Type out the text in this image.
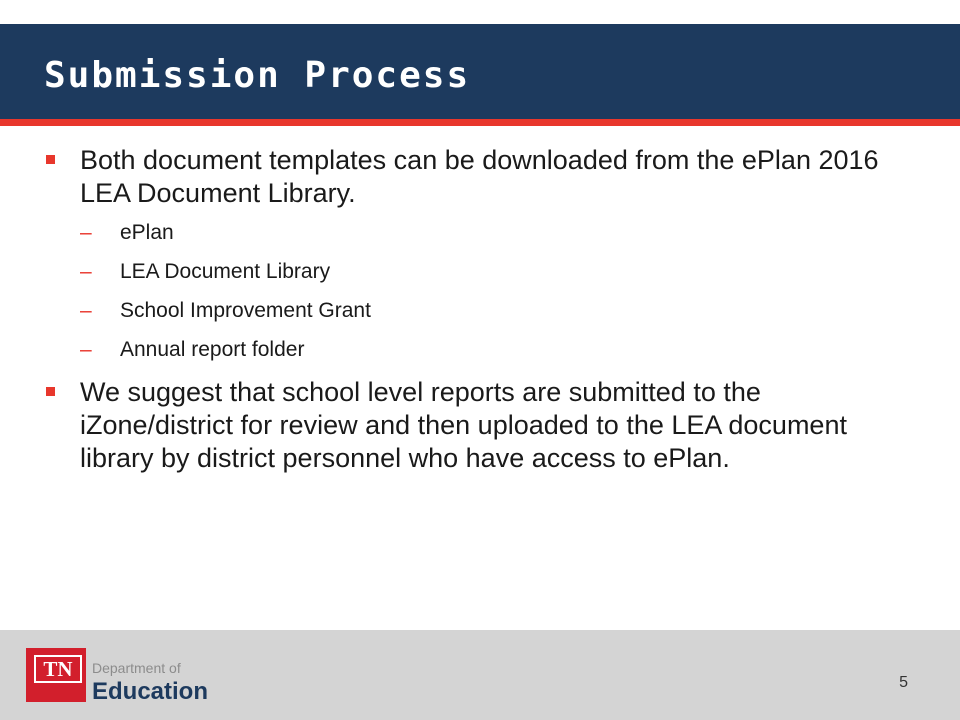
Submission Process
Both document templates can be downloaded from the ePlan 2016 LEA Document Library.
– ePlan
– LEA Document Library
– School Improvement Grant
– Annual report folder
We suggest that school level reports are submitted to the iZone/district for review and then uploaded to the LEA document library by district personnel who have access to ePlan.
TN	Department of
Education	5
